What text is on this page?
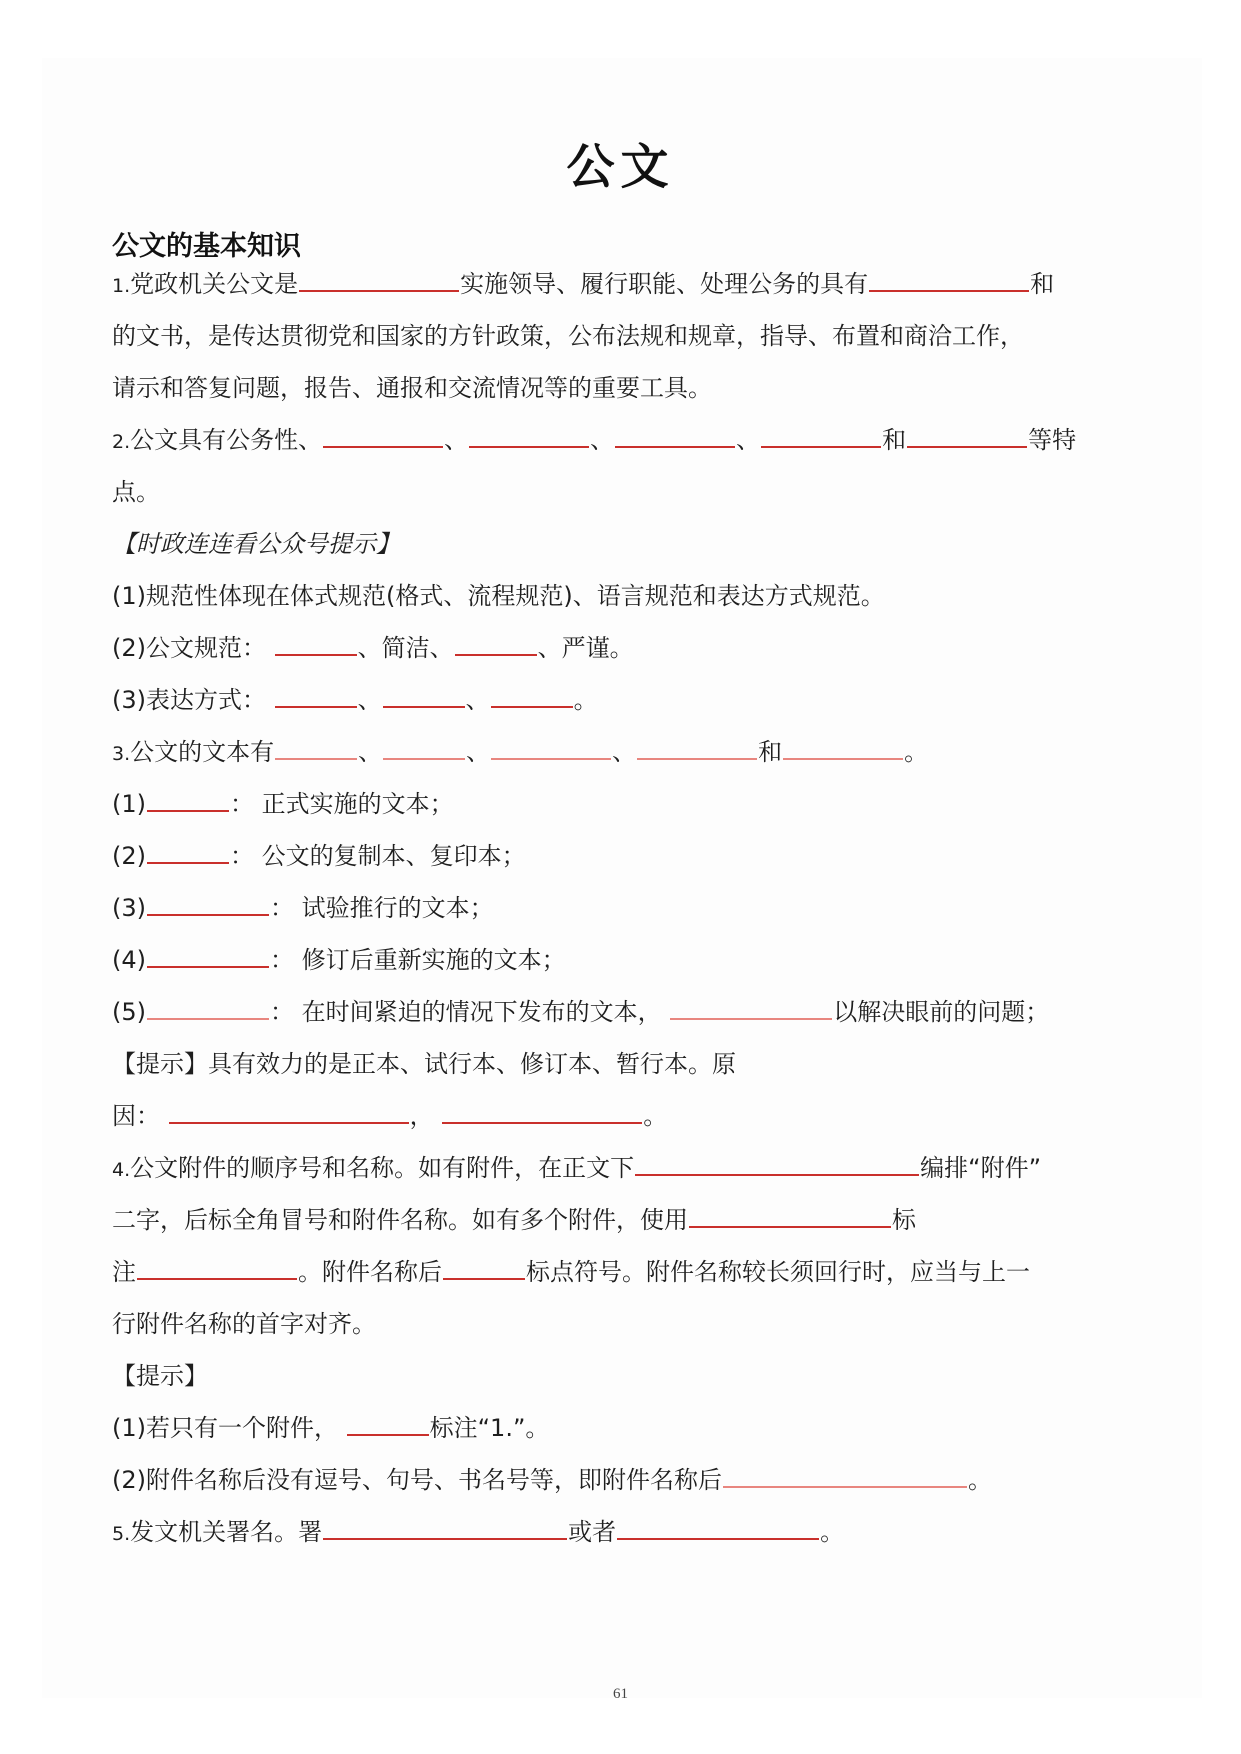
公文
公文的基本知识
1.党政机关公文是	实施领导、履行职能、处理公务的具有	和
的文书，是传达贯彻党和国家的方针政策，公布法规和规章，指导、布置和商洽工作，
请示和答复问题，报告、通报和交流情况等的重要工具。
2.公文具有公务性、	、	、	、	和	等特
点。
【时政连连看公众号提示】
(1)规范性体现在体式规范(格式、流程规范)、语言规范和表达方式规范。
(2)公文规范：	、简洁、	、严谨。
(3)表达方式：	、	、	。
3.公文的文本有	、	、	、	和	。
(1)	： 正式实施的文本；
(2)	： 公文的复制本、复印本；
(3)	： 试验推行的文本；
(4)	： 修订后重新实施的文本；
(5)	： 在时间紧迫的情况下发布的文本，	以解决眼前的问题；
【提示】具有效力的是正本、试行本、修订本、暂行本。原
因：	，	。
4.公文附件的顺序号和名称。如有附件，在正文下	编排“附件”
二字，后标全角冒号和附件名称。如有多个附件，使用	标
注	。附件名称后	标点符号。附件名称较长须回行时，应当与上一
行附件名称的首字对齐。
【提示】
(1)若只有一个附件，	标注“1.”。
(2)附件名称后没有逗号、句号、书名号等，即附件名称后	。
5.发文机关署名。署	或者	。
61
